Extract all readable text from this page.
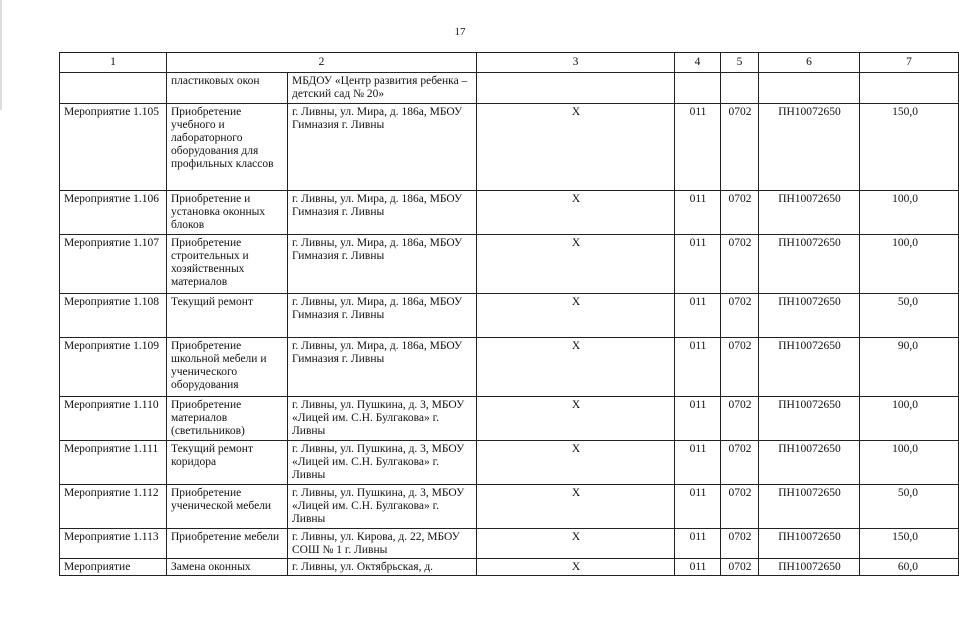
17
1	2		3	4	5	6	7
	пластиковых окон	МБДОУ «Центр развития ребенка – детский сад № 20»					
Мероприятие 1.105	Приобретение учебного и лабораторного оборудования для профильных классов	г. Ливны, ул. Мира, д. 186а, МБОУ Гимназия г. Ливны	Х	011	0702	ПН10072650	150,0
Мероприятие 1.106	Приобретение и установка оконных блоков	г. Ливны, ул. Мира, д. 186а, МБОУ Гимназия г. Ливны	Х	011	0702	ПН10072650	100,0
Мероприятие 1.107	Приобретение строительных и хозяйственных материалов	г. Ливны, ул. Мира, д. 186а, МБОУ Гимназия г. Ливны	Х	011	0702	ПН10072650	100,0
Мероприятие 1.108	Текущий ремонт	г. Ливны, ул. Мира, д. 186а, МБОУ Гимназия г. Ливны	Х	011	0702	ПН10072650	50,0
Мероприятие 1.109	Приобретение школьной мебели и ученического оборудования	г. Ливны, ул. Мира, д. 186а, МБОУ Гимназия г. Ливны	Х	011	0702	ПН10072650	90,0
Мероприятие 1.110	Приобретение материалов (светильников)	г. Ливны, ул. Пушкина, д. 3, МБОУ «Лицей им. С.Н. Булгакова» г. Ливны	Х	011	0702	ПН10072650	100,0
Мероприятие 1.111	Текущий ремонт коридора	г. Ливны, ул. Пушкина, д. 3, МБОУ «Лицей им. С.Н. Булгакова» г. Ливны	Х	011	0702	ПН10072650	100,0
Мероприятие 1.112	Приобретение ученической мебели	г. Ливны, ул. Пушкина, д. 3, МБОУ «Лицей им. С.Н. Булгакова» г. Ливны	Х	011	0702	ПН10072650	50,0
Мероприятие 1.113	Приобретение мебели	г. Ливны, ул. Кирова, д. 22, МБОУ СОШ № 1 г. Ливны	Х	011	0702	ПН10072650	150,0
Мероприятие	Замена оконных	г. Ливны, ул. Октябрьская, д.	Х	011	0702	ПН10072650	60,0
